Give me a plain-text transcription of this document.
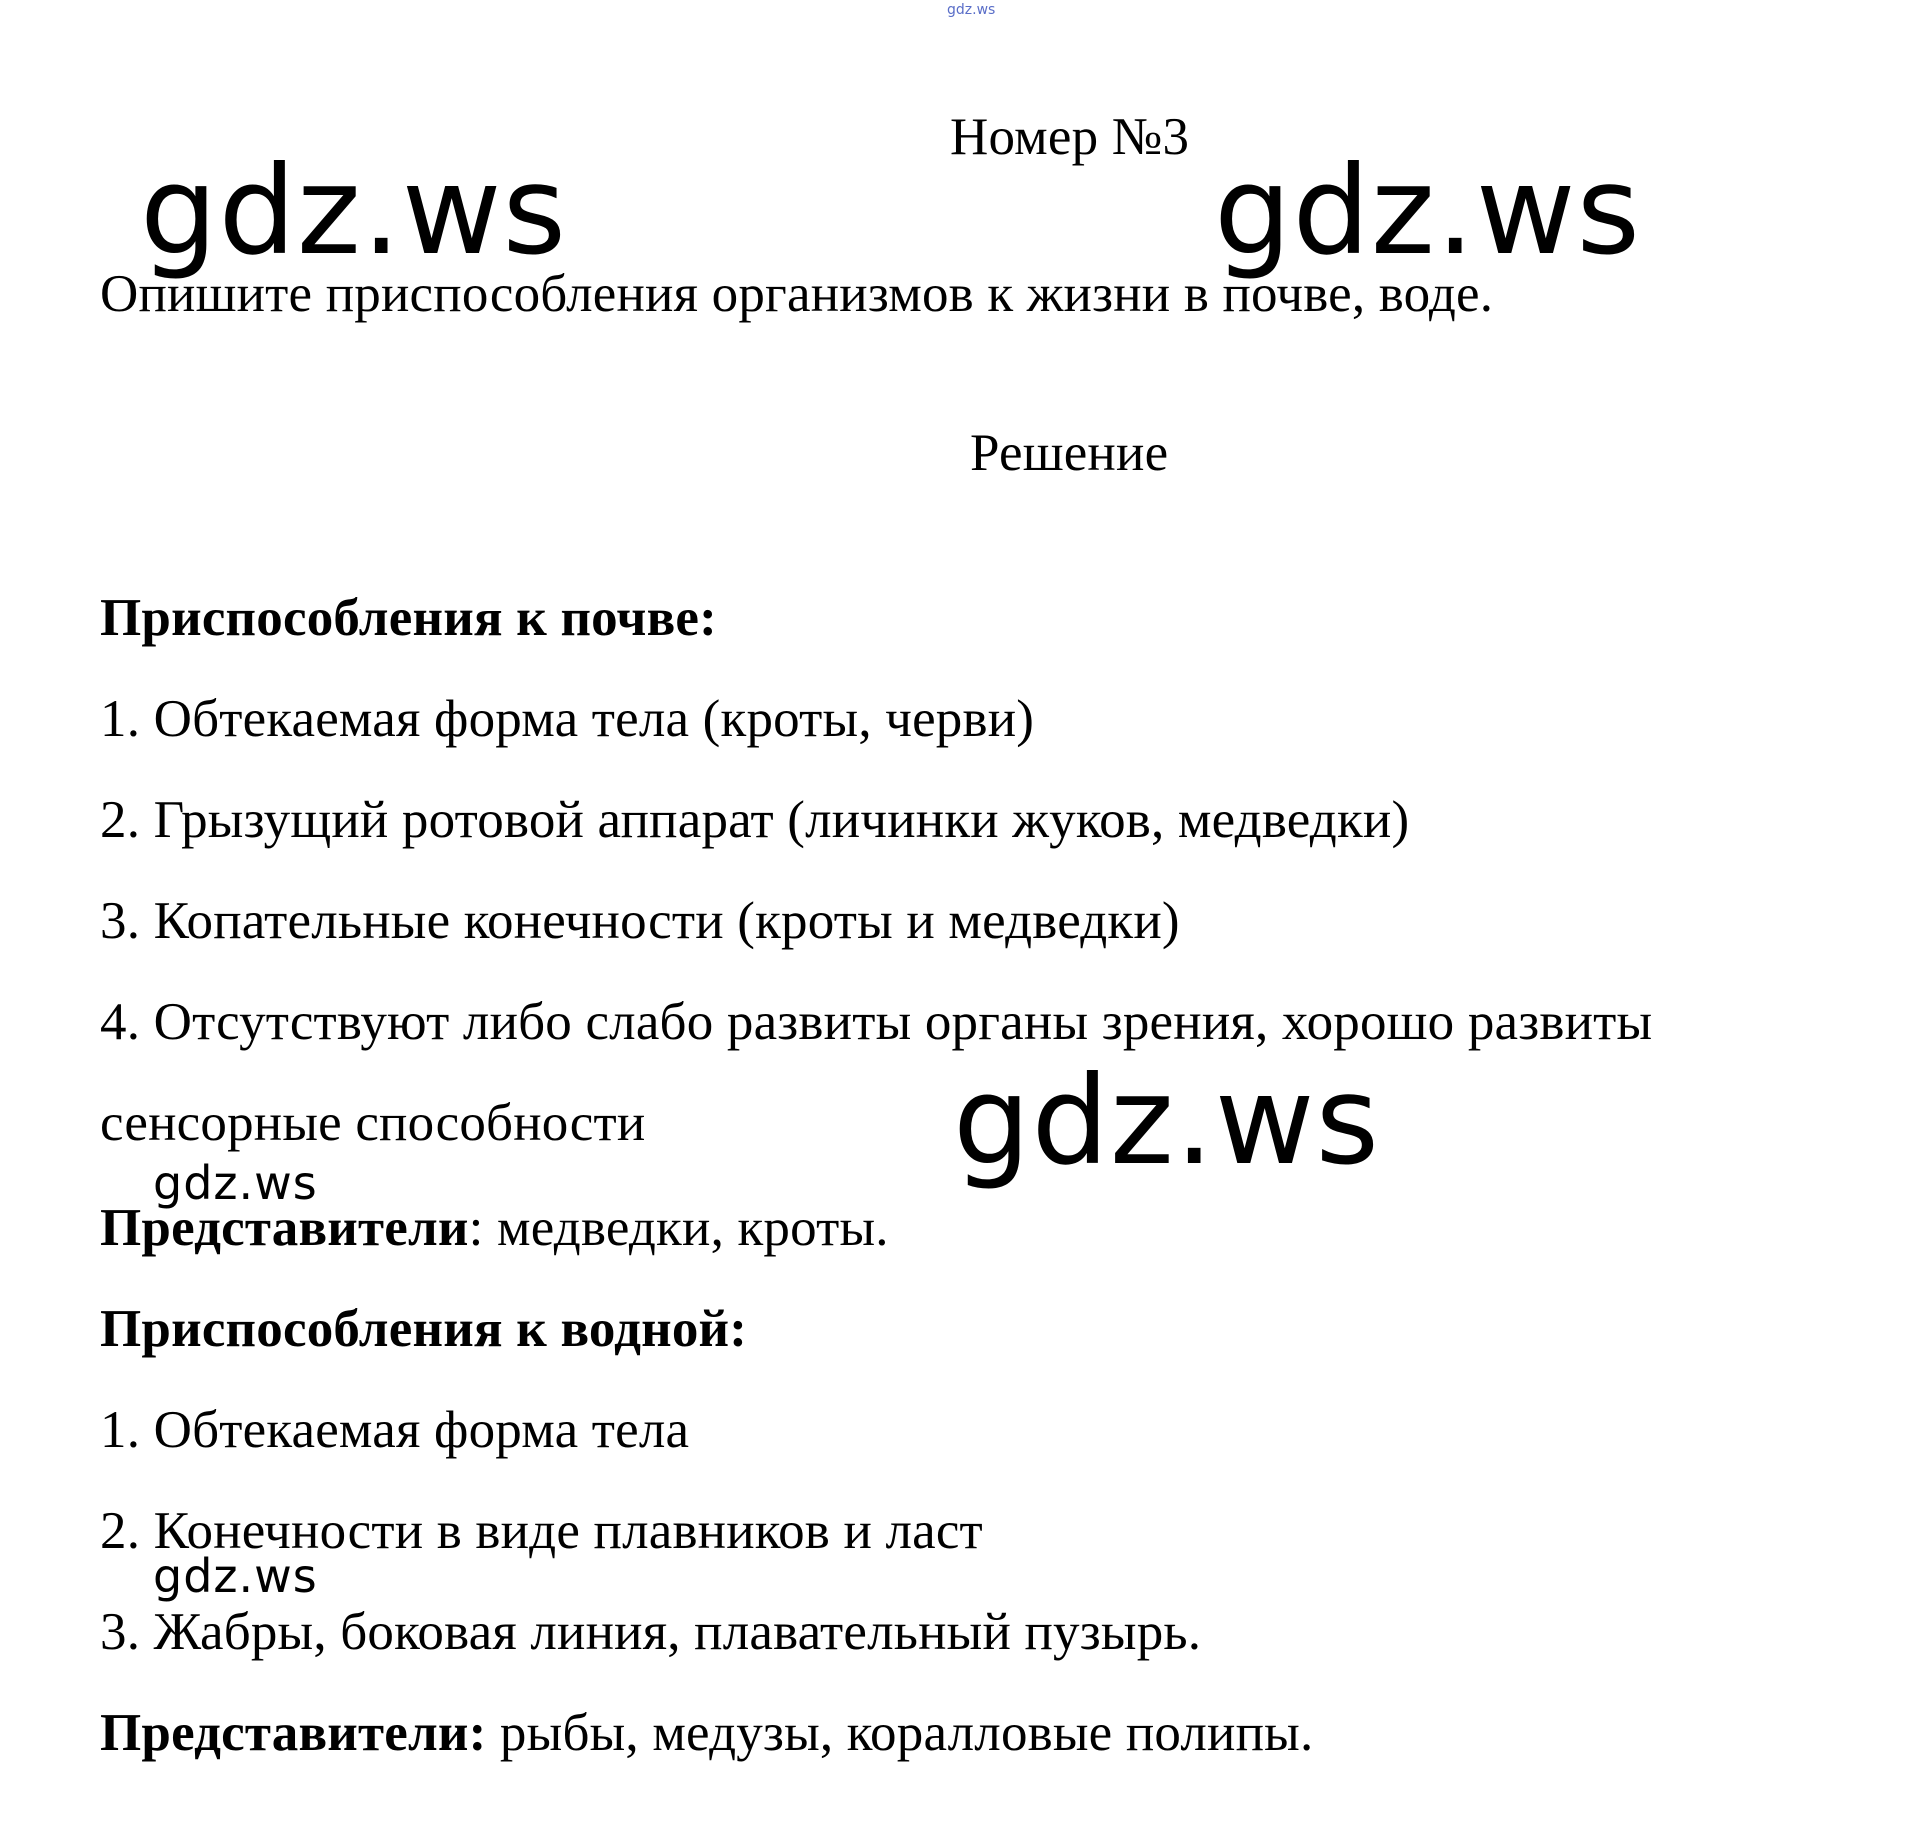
gdz.ws
Номер №3
gdz.ws	gdz.ws
Опишите приспособления организмов к жизни в почве, воде.
Решение
Приспособления к почве:
1. Обтекаемая форма тела (кроты, черви)
2. Грызущий ротовой аппарат (личинки жуков, медведки)
3. Копательные конечности (кроты и медведки)
4. Отсутствуют либо слабо развиты органы зрения, хорошо развиты
сенсорные способности	gdz.ws
gdz.ws
Представители: медведки, кроты.
Приспособления к водной:
1. Обтекаемая форма тела
2. Конечности в виде плавников и ласт
gdz.ws
3. Жабры, боковая линия, плавательный пузырь.
Представители: рыбы, медузы, коралловые полипы.
